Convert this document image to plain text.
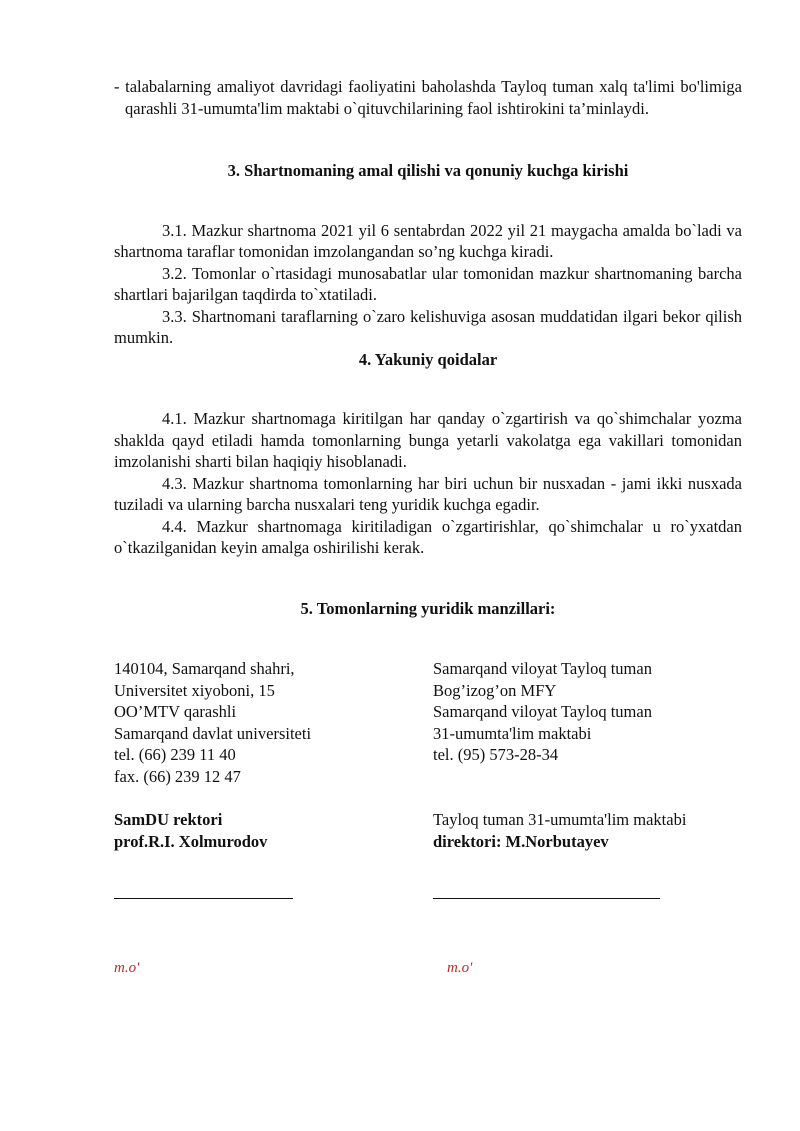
- talabalarning amaliyot davridagi faoliyatini baholashda Tayloq tuman xalq ta'limi bo'limiga qarashli 31-umumta'lim maktabi o`qituvchilarining faol ishtirokini ta’minlaydi.

3. Shartnomaning amal qilishi va qonuniy kuchga kirishi

3.1. Mazkur shartnoma 2021 yil 6 sentabrdan 2022 yil 21 maygacha amalda bo`ladi va shartnoma taraflar tomonidan imzolangandan so’ng kuchga kiradi.

3.2. Tomonlar o`rtasidagi munosabatlar ular tomonidan mazkur shartnomaning barcha shartlari bajarilgan taqdirda to`xtatiladi.

3.3. Shartnomani taraflarning o`zaro kelishuviga asosan muddatidan ilgari bekor qilish mumkin.

4. Yakuniy qoidalar

4.1. Mazkur shartnomaga kiritilgan har qanday o`zgartirish va qo`shimchalar yozma shaklda qayd etiladi hamda tomonlarning bunga yetarli vakolatga ega vakillari tomonidan imzolanishi sharti bilan haqiqiy hisoblanadi.

4.3. Mazkur shartnoma tomonlarning har biri uchun bir nusxadan - jami ikki nusxada tuziladi va ularning barcha nusxalari teng yuridik kuchga egadir.

4.4. Mazkur shartnomaga kiritiladigan o`zgartirishlar, qo`shimchalar u ro`yxatdan o`tkazilganidan keyin amalga oshirilishi kerak.

5. Tomonlarning yuridik manzillari:

140104, Samarqand shahri,

Universitet xiyoboni, 15

OO’MTV qarashli

Samarqand davlat universiteti

tel. (66) 239 11 40

fax. (66) 239 12 47

Samarqand viloyat Tayloq tuman

Bog’izog’on MFY

Samarqand viloyat Tayloq tuman

31-umumta'lim maktabi

tel. (95) 573-28-34

SamDU rektori

prof.R.I. Xolmurodov

m.o'

Tayloq tuman 31-umumta'lim maktabi

direktori: M.Norbutayev

m.o'
